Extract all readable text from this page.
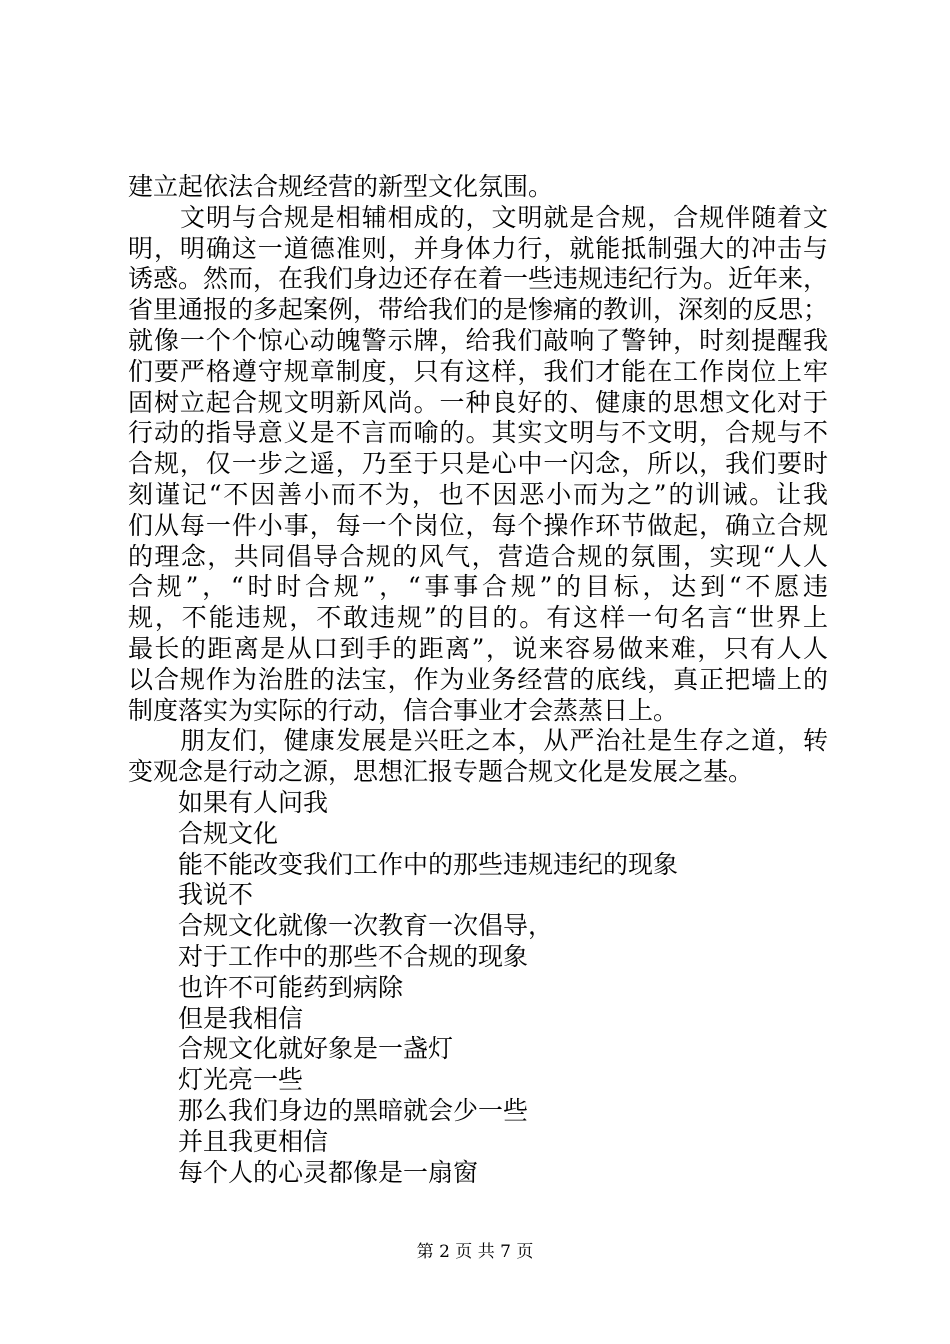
建立起依法合规经营的新型文化氛围。
文明与合规是相辅相成的，文明就是合规，合规伴随着文
明，明确这一道德准则，并身体力行，就能抵制强大的冲击与
诱惑。然而，在我们身边还存在着一些违规违纪行为。近年来，
省里通报的多起案例，带给我们的是惨痛的教训，深刻的反思；
就像一个个惊心动魄警示牌，给我们敲响了警钟，时刻提醒我
们要严格遵守规章制度，只有这样，我们才能在工作岗位上牢
固树立起合规文明新风尚。一种良好的、健康的思想文化对于
行动的指导意义是不言而喻的。其实文明与不文明，合规与不
合规，仅一步之遥，乃至于只是心中一闪念，所以，我们要时
刻谨记“不因善小而不为，也不因恶小而为之”的训诫。让我
们从每一件小事，每一个岗位，每个操作环节做起，确立合规
的理念，共同倡导合规的风气，营造合规的氛围，实现“人人
合规”，“时时合规”，“事事合规”的目标，达到“不愿违
规，不能违规，不敢违规”的目的。有这样一句名言“世界上
最长的距离是从口到手的距离”，说来容易做来难，只有人人
以合规作为治胜的法宝，作为业务经营的底线，真正把墙上的
制度落实为实际的行动，信合事业才会蒸蒸日上。
朋友们，健康发展是兴旺之本，从严治社是生存之道，转
变观念是行动之源，思想汇报专题合规文化是发展之基。
如果有人问我
合规文化
能不能改变我们工作中的那些违规违纪的现象
我说不
合规文化就像一次教育一次倡导，
对于工作中的那些不合规的现象
也许不可能药到病除
但是我相信
合规文化就好象是一盏灯
灯光亮一些
那么我们身边的黑暗就会少一些
并且我更相信
每个人的心灵都像是一扇窗
第 2 页 共 7 页
